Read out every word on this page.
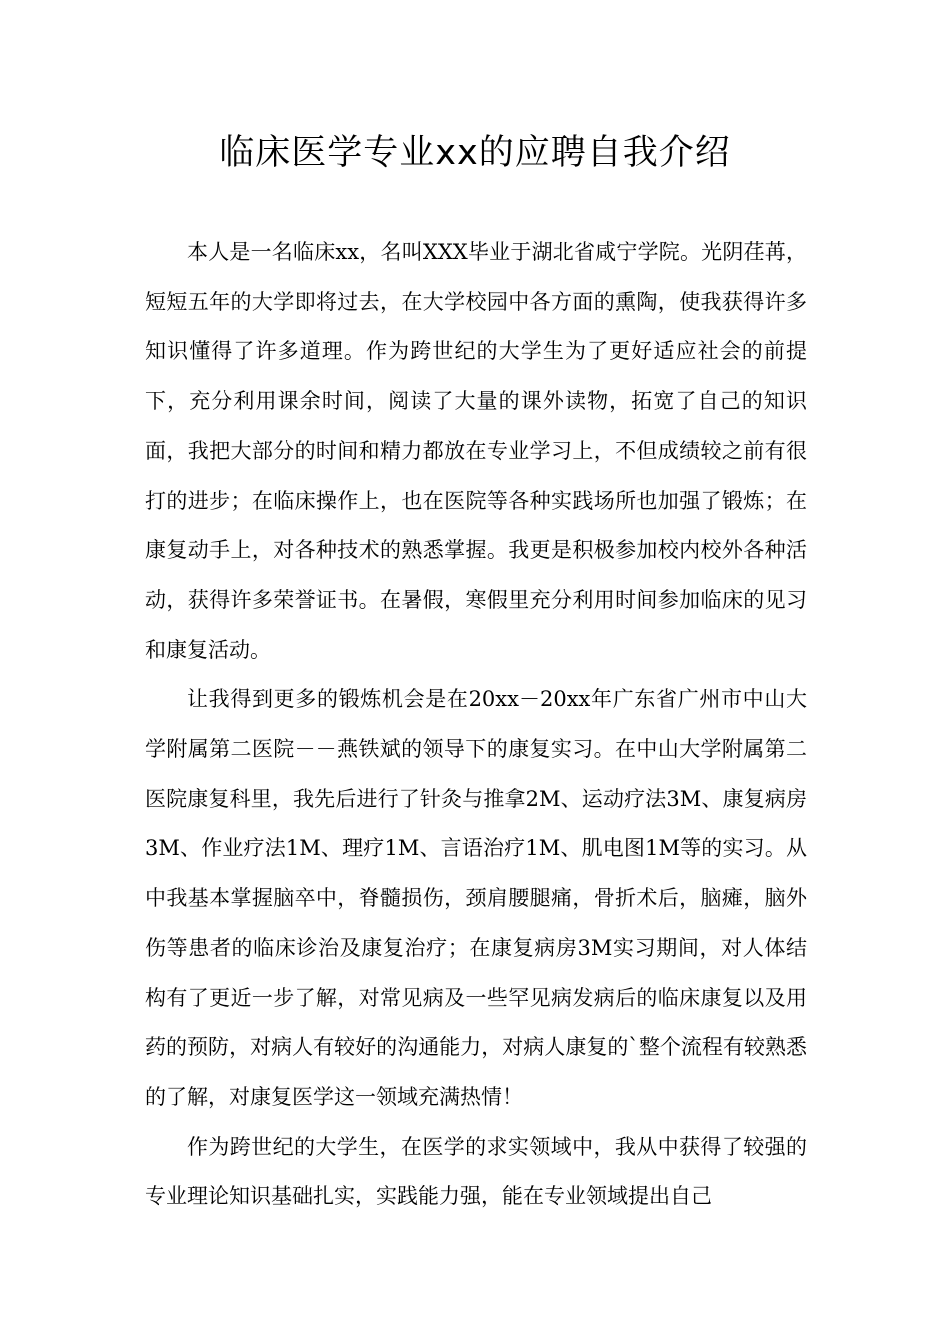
临床医学专业xx的应聘自我介绍

本人是一名临床xx，名叫XXX毕业于湖北省咸宁学院。光阴荏苒，短短五年的大学即将过去，在大学校园中各方面的熏陶，使我获得许多知识懂得了许多道理。作为跨世纪的大学生为了更好适应社会的前提下，充分利用课余时间，阅读了大量的课外读物，拓宽了自己的知识面，我把大部分的时间和精力都放在专业学习上，不但成绩较之前有很打的进步；在临床操作上，也在医院等各种实践场所也加强了锻炼；在康复动手上，对各种技术的熟悉掌握。我更是积极参加校内校外各种活动，获得许多荣誉证书。在暑假，寒假里充分利用时间参加临床的见习和康复活动。

让我得到更多的锻炼机会是在20xx－20xx年广东省广州市中山大学附属第二医院－－燕铁斌的领导下的康复实习。在中山大学附属第二医院康复科里，我先后进行了针灸与推拿2M、运动疗法3M、康复病房3M、作业疗法1M、理疗1M、言语治疗1M、肌电图1M等的实习。从中我基本掌握脑卒中，脊髓损伤，颈肩腰腿痛，骨折术后，脑瘫，脑外伤等患者的临床诊治及康复治疗；在康复病房3M实习期间，对人体结构有了更近一步了解，对常见病及一些罕见病发病后的临床康复以及用药的预防，对病人有较好的沟通能力，对病人康复的`整个流程有较熟悉的了解，对康复医学这一领域充满热情！

作为跨世纪的大学生，在医学的求实领域中，我从中获得了较强的专业理论知识基础扎实，实践能力强，能在专业领域提出自己
